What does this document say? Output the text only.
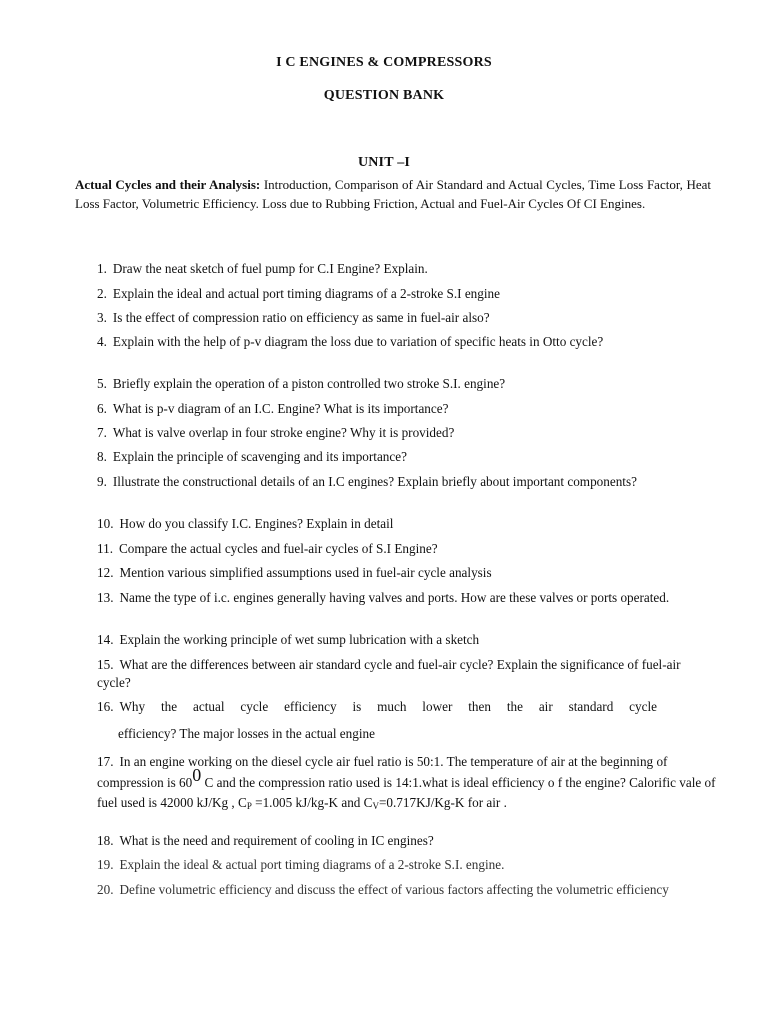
I C ENGINES & COMPRESSORS
QUESTION BANK
UNIT –I
Actual Cycles and their Analysis: Introduction, Comparison of Air Standard and Actual Cycles, Time Loss Factor, Heat Loss Factor, Volumetric Efficiency. Loss due to Rubbing Friction, Actual and Fuel-Air Cycles Of CI Engines.
1. Draw the neat sketch of fuel pump for C.I Engine? Explain.
2. Explain the ideal and actual port timing diagrams of a 2-stroke S.I engine
3. Is the effect of compression ratio on efficiency as same in fuel-air also?
4. Explain with the help of p-v diagram the loss due to variation of specific heats in Otto cycle?
5. Briefly explain the operation of a piston controlled two stroke S.I. engine?
6. What is p-v diagram of an I.C. Engine? What is its importance?
7. What is valve overlap in four stroke engine? Why it is provided?
8. Explain the principle of scavenging and its importance?
9. Illustrate the constructional details of an I.C engines? Explain briefly about important components?
10. How do you classify I.C. Engines? Explain in detail
11. Compare the actual cycles and fuel-air cycles of S.I Engine?
12. Mention various simplified assumptions used in fuel-air cycle analysis
13. Name the type of i.c. engines generally having valves and ports. How are these valves or ports operated.
14. Explain the working principle of wet sump lubrication with a sketch
15. What are the differences between air standard cycle and fuel-air cycle? Explain the significance of fuel-air cycle?
16. Why the actual cycle efficiency is much lower then the air standard cycle
efficiency? The major losses in the actual engine
17. In an engine working on the diesel cycle air fuel ratio is 50:1. The temperature of air at the beginning of compression is 600 C and the compression ratio used is 14:1.what is ideal efficiency o f the engine? Calorific vale of fuel used is 42000 kJ/Kg , $C_P =1.005$ kJ/kg-K and $C_V=0.717KJ/Kg-K$ for air .
18. What is the need and requirement of cooling in IC engines?
19. Explain the ideal & actual port timing diagrams of a 2-stroke S.I. engine.
20. Define volumetric efficiency and discuss the effect of various factors affecting the volumetric efficiency
